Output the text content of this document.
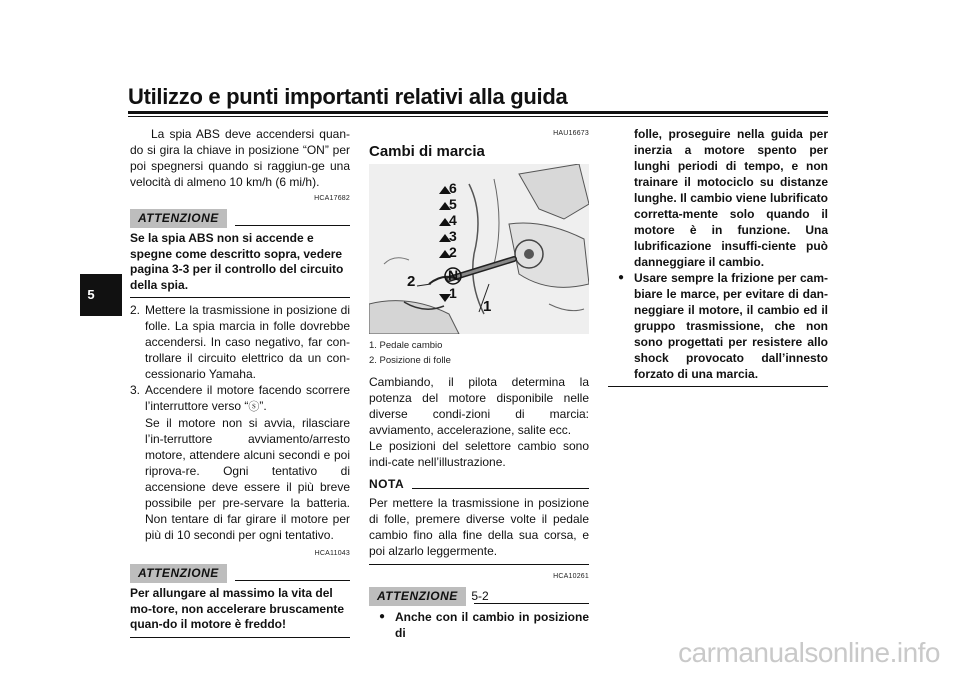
Utilizzo e punti importanti relativi alla guida
5
La spia ABS deve accendersi quan-do si gira la chiave in posizione “ON” per poi spegnersi quando si raggiun-ge una velocità di almeno 10 km/h (6 mi/h).
HCA17682
ATTENZIONE
Se la spia ABS non si accende e spegne come descritto sopra, vedere pagina 3-3 per il controllo del circuito della spia.
2. Mettere la trasmissione in posizione di folle. La spia marcia in folle dovrebbe accendersi. In caso negativo, far con-trollare il circuito elettrico da un con-cessionario Yamaha.
3. Accendere il motore facendo scorrere l’interruttore verso “ⓢ”.
Se il motore non si avvia, rilasciare l’in-terruttore avviamento/arresto motore, attendere alcuni secondi e poi riprova-re. Ogni tentativo di accensione deve essere il più breve possibile per pre-servare la batteria. Non tentare di far girare il motore per più di 10 secondi per ogni tentativo.
HCA11043
ATTENZIONE
Per allungare al massimo la vita del mo-tore, non accelerare bruscamente quan-do il motore è freddo!
HAU16673
Cambi di marcia
6
5
4
3
2
N
1
2
1
1. Pedale cambio
2. Posizione di folle
Cambiando, il pilota determina la potenza del motore disponibile nelle diverse condi-zioni di marcia: avviamento, accelerazione, salite ecc.
Le posizioni del selettore cambio sono indi-cate nell’illustrazione.
NOTA
Per mettere la trasmissione in posizione di folle, premere diverse volte il pedale cambio fino alla fine della sua corsa, e poi alzarlo leggermente.
HCA10261
ATTENZIONE
● Anche con il cambio in posizione di
folle, proseguire nella guida per inerzia a motore spento per lunghi periodi di tempo, e non trainare il motociclo su distanze lunghe. Il cambio viene lubrificato corretta-mente solo quando il motore è in funzione. Una lubrificazione insuffi-ciente può danneggiare il cambio.
● Usare sempre la frizione per cam-biare le marce, per evitare di dan-neggiare il motore, il cambio ed il gruppo trasmissione, che non sono progettati per resistere allo shock provocato dall’innesto forzato di una marcia.
5-2
carmanualsonline.info
